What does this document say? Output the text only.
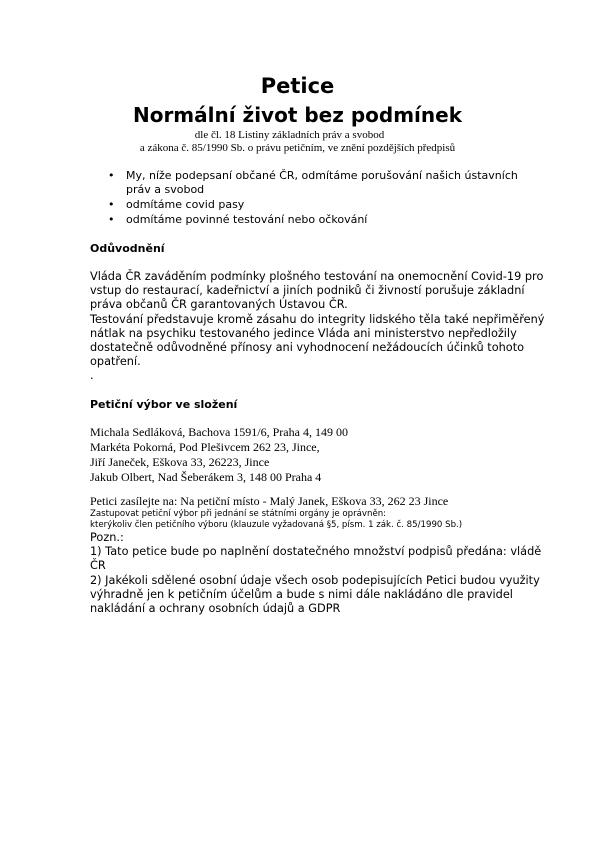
Petice
Normální život bez podmínek
dle čl. 18 Listiny základních práv a svobod
a zákona č. 85/1990 Sb. o právu petičním, ve znění pozdějších předpisů
• My, níže podepsaní občané ČR, odmítáme porušování našich ústavních
práv a svobod
• odmítáme covid pasy
• odmítáme povinné testování nebo očkování
Odůvodnění
Vláda ČR zaváděním podmínky plošného testování na onemocnění Covid-19 pro
vstup do restaurací, kadeřnictví a jiních podniků či živností porušuje základní
práva občanů ČR garantovaných Ústavou ČR.
Testování představuje kromě zásahu do integrity lidského těla také nepřiměřený
nátlak na psychiku testovaného jedince Vláda ani ministerstvo nepředložily
dostatečně odůvodněné přínosy ani vyhodnocení nežádoucích účinků tohoto
opatření.
.
Petiční výbor ve složení
Michala Sedláková, Bachova 1591/6, Praha 4, 149 00
Markéta Pokorná, Pod Plešivcem 262 23, Jince,
Jiří Janeček, Eškova 33, 26223, Jince
Jakub Olbert, Nad Šeberákem 3, 148 00 Praha 4
Petici zasílejte na: Na petiční místo - Malý Janek, Eškova 33, 262 23 Jince
Zastupovat petiční výbor při jednání se státními orgány je oprávněn:
kterýkoliv člen petičního výboru (klauzule vyžadovaná §5, písm. 1 zák. č. 85/1990 Sb.)
Pozn.:
1) Tato petice bude po naplnění dostatečného množství podpisů předána: vládě
ČR
2) Jakékoli sdělené osobní údaje všech osob podepisujících Petici budou využity
výhradně jen k petičním účelům a bude s nimi dále nakládáno dle pravidel
nakládání a ochrany osobních údajů a GDPR
